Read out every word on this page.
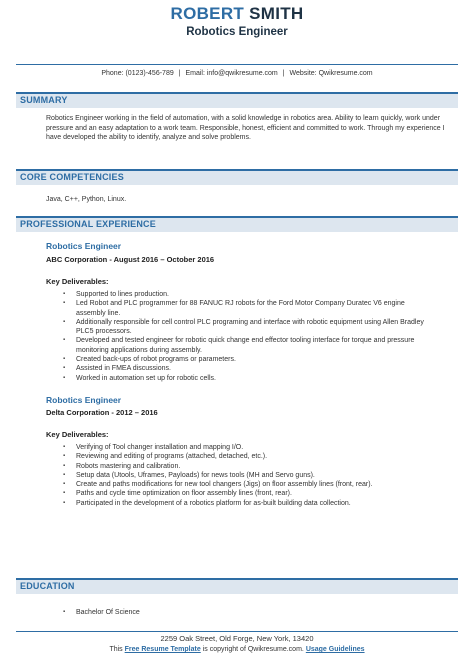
ROBERT SMITH
Robotics Engineer
Phone: (0123)-456-789 | Email: info@qwikresume.com | Website: Qwikresume.com
SUMMARY
Robotics Engineer working in the field of automation, with a solid knowledge in robotics area. Ability to learn quickly, work under pressure and an easy adaptation to a work team. Responsible, honest, efficient and committed to work. Through my experience I have developed the ability to identify, analyze and solve problems.
CORE COMPETENCIES
Java, C++, Python, Linux.
PROFESSIONAL EXPERIENCE
Robotics Engineer
ABC Corporation - August 2016 – October 2016
Key Deliverables:
▪ Supported to lines production.
▪ Led Robot and PLC programmer for 88 FANUC RJ robots for the Ford Motor Company Duratec V6 engine assembly line.
▪ Additionally responsible for cell control PLC programing and interface with robotic equipment using Allen Bradley PLC5 processors.
▪ Developed and tested engineer for robotic quick change end effector tooling interface for torque and pressure monitoring applications during assembly.
▪ Created back-ups of robot programs or parameters.
▪ Assisted in FMEA discussions.
▪ Worked in automation set up for robotic cells.
Robotics Engineer
Delta Corporation - 2012 – 2016
Key Deliverables:
▪ Verifying of Tool changer installation and mapping I/O.
▪ Reviewing and editing of programs (attached, detached, etc.).
▪ Robots mastering and calibration.
▪ Setup data (Utools, Uframes, Payloads) for news tools (MH and Servo guns).
▪ Create and paths modifications for new tool changers (Jigs) on floor assembly lines (front, rear).
▪ Paths and cycle time optimization on floor assembly lines (front, rear).
▪ Participated in the development of a robotics platform for as-built building data collection.
EDUCATION
▪ Bachelor Of Science
2259 Oak Street, Old Forge, New York, 13420
This Free Resume Template is copyright of Qwikresume.com. Usage Guidelines
